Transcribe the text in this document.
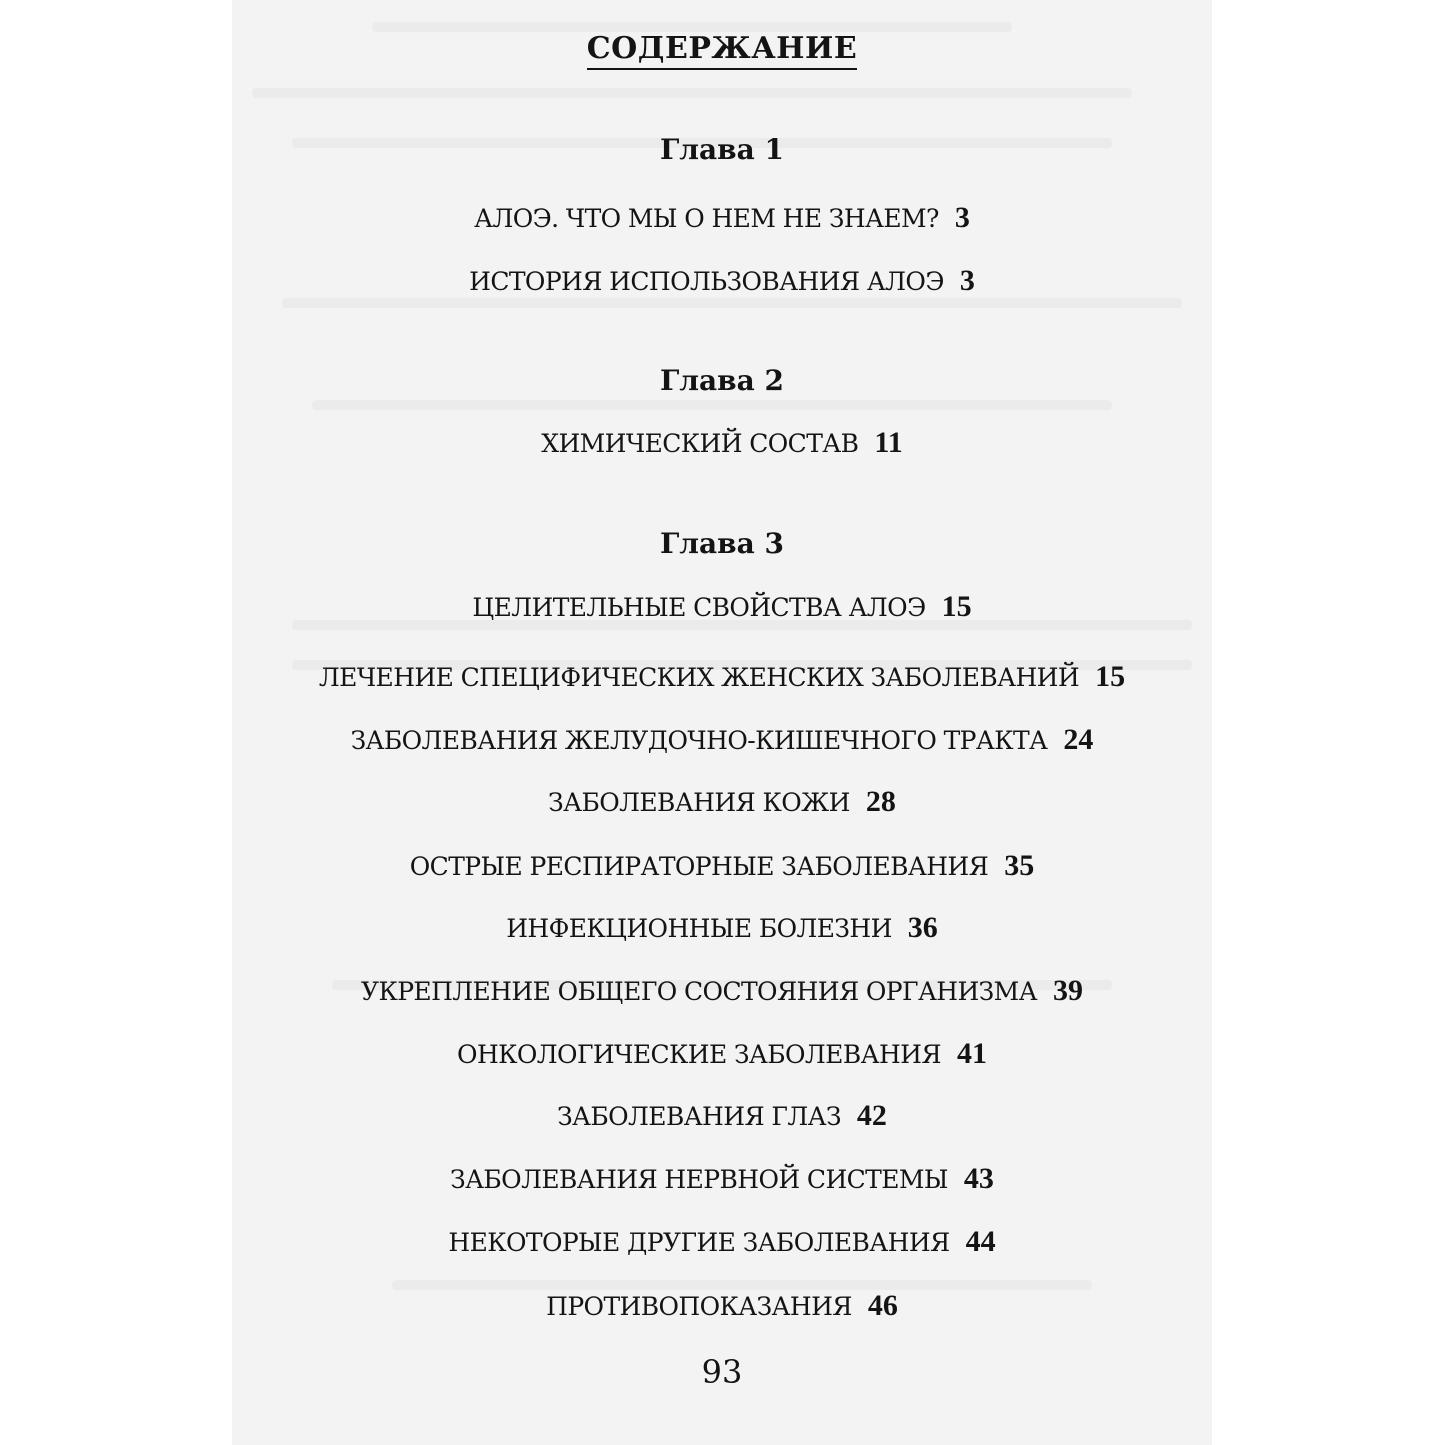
СОДЕРЖАНИЕ
Глава 1
АЛОЭ. ЧТО МЫ О НЕМ НЕ ЗНАЕМ? 3
ИСТОРИЯ ИСПОЛЬЗОВАНИЯ АЛОЭ 3
Глава 2
ХИМИЧЕСКИЙ СОСТАВ 11
Глава 3
ЦЕЛИТЕЛЬНЫЕ СВОЙСТВА АЛОЭ 15
ЛЕЧЕНИЕ СПЕЦИФИЧЕСКИХ ЖЕНСКИХ ЗАБОЛЕВАНИЙ 15
ЗАБОЛЕВАНИЯ ЖЕЛУДОЧНО-КИШЕЧНОГО ТРАКТА 24
ЗАБОЛЕВАНИЯ КОЖИ 28
ОСТРЫЕ РЕСПИРАТОРНЫЕ ЗАБОЛЕВАНИЯ 35
ИНФЕКЦИОННЫЕ БОЛЕЗНИ 36
УКРЕПЛЕНИЕ ОБЩЕГО СОСТОЯНИЯ ОРГАНИЗМА 39
ОНКОЛОГИЧЕСКИЕ ЗАБОЛЕВАНИЯ 41
ЗАБОЛЕВАНИЯ ГЛАЗ 42
ЗАБОЛЕВАНИЯ НЕРВНОЙ СИСТЕМЫ 43
НЕКОТОРЫЕ ДРУГИЕ ЗАБОЛЕВАНИЯ 44
ПРОТИВОПОКАЗАНИЯ 46
93
